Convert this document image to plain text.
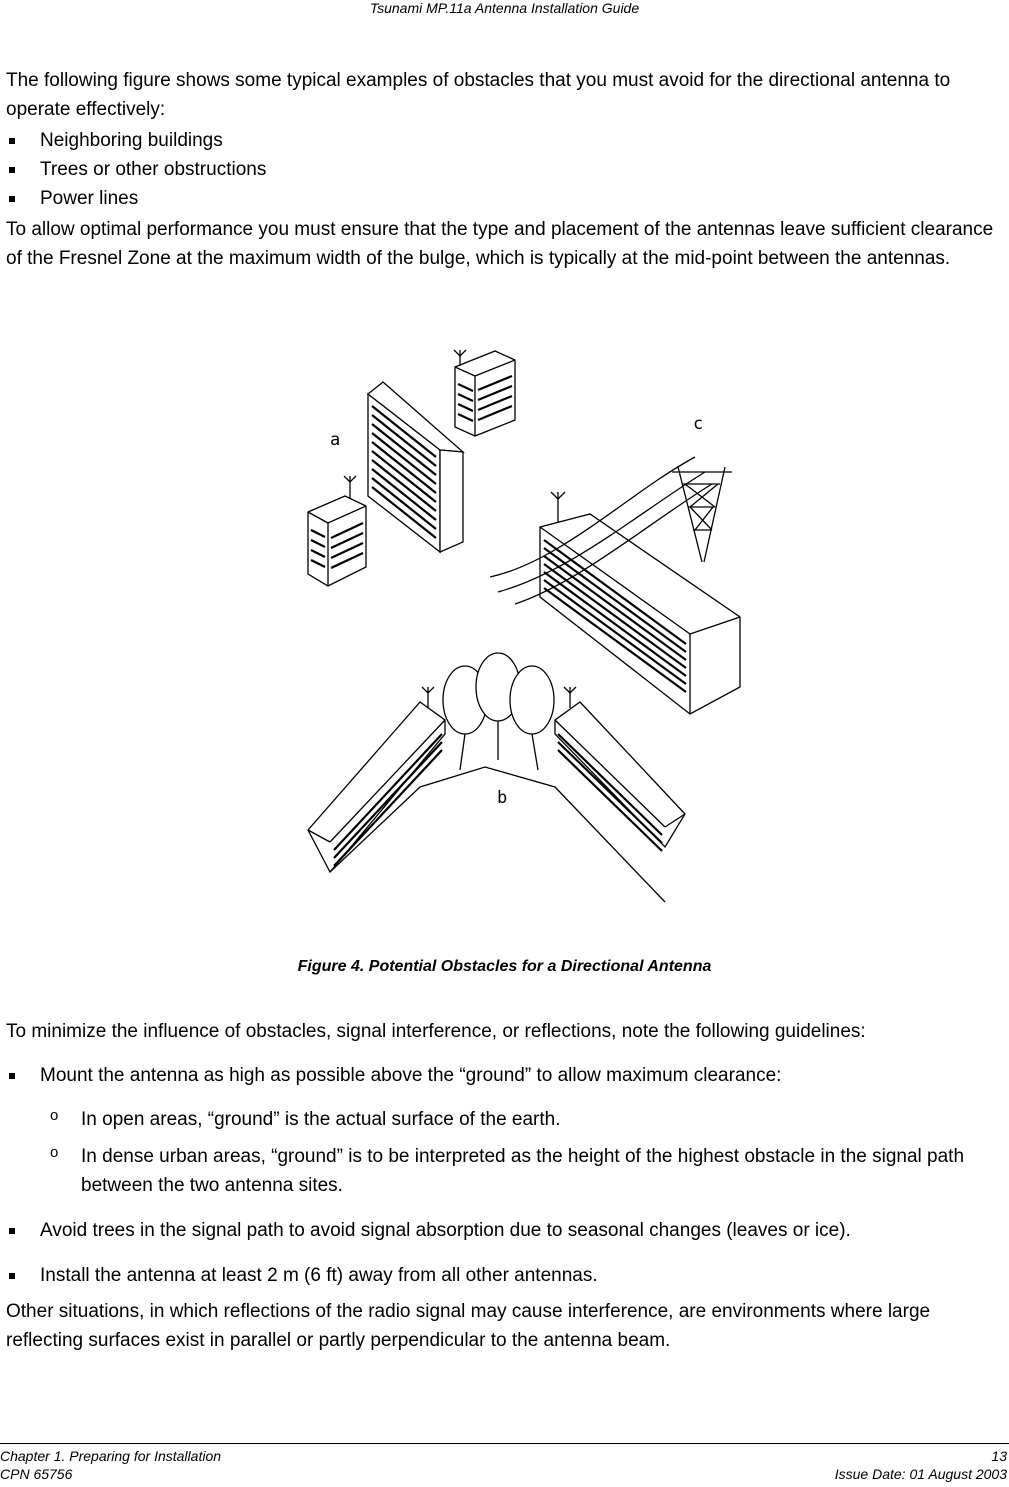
Tsunami MP.11a Antenna Installation Guide

The following figure shows some typical examples of obstacles that you must avoid for the directional antenna to operate effectively:

Neighboring buildings
Trees or other obstructions
Power lines

To allow optimal performance you must ensure that the type and placement of the antennas leave sufficient clearance of the Fresnel Zone at the maximum width of the bulge, which is typically at the mid-point between the antennas.

a
c
b
Figure 4. Potential Obstacles for a Directional Antenna

To minimize the influence of obstacles, signal interference, or reflections, note the following guidelines:

Mount the antenna as high as possible above the “ground” to allow maximum clearance:
o In open areas, “ground” is the actual surface of the earth.
o In dense urban areas, “ground” is to be interpreted as the height of the highest obstacle in the signal path between the two antenna sites.
Avoid trees in the signal path to avoid signal absorption due to seasonal changes (leaves or ice).
Install the antenna at least 2 m (6 ft) away from all other antennas.

Other situations, in which reflections of the radio signal may cause interference, are environments where large reflecting surfaces exist in parallel or partly perpendicular to the antenna beam.

Chapter 1. Preparing for Installation	13
CPN 65756	Issue Date: 01 August 2003
